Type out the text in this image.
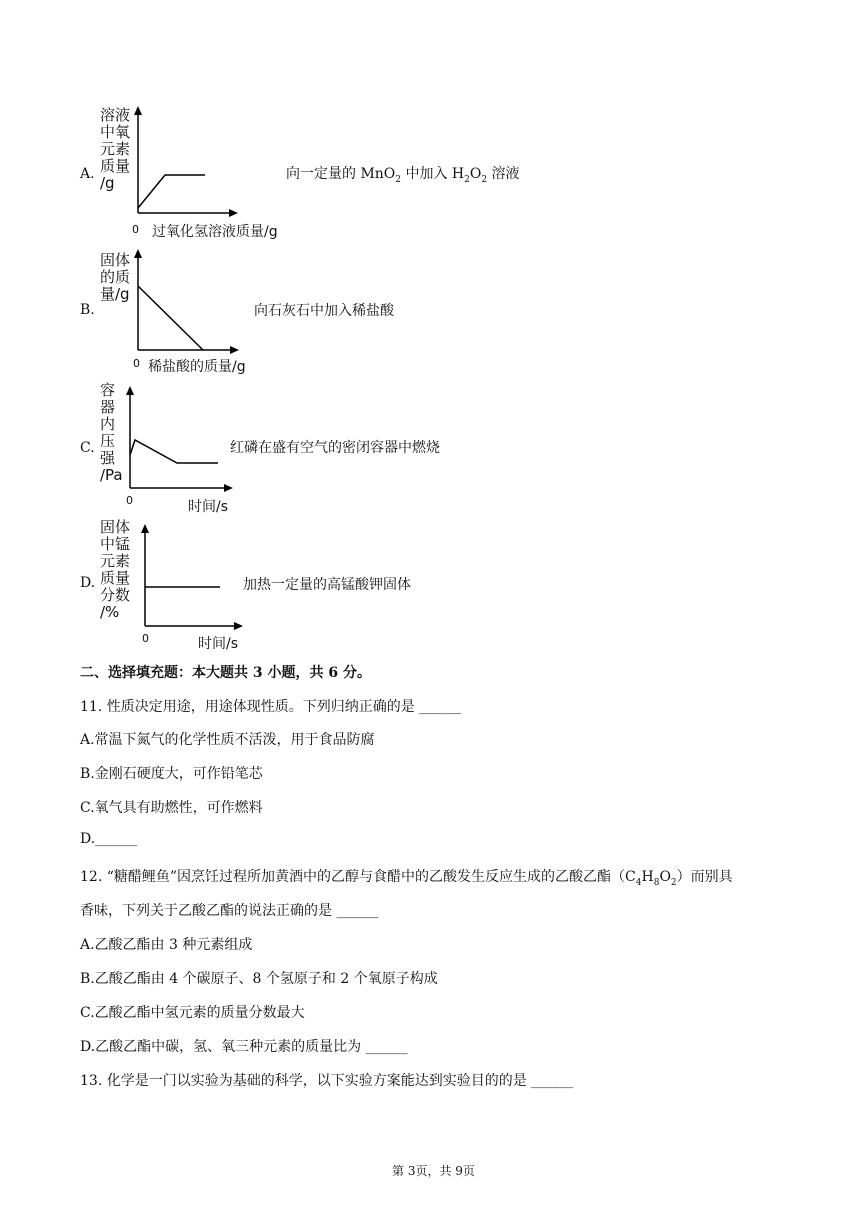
A.
溶液
中氧
元素
质量
/g
0 过氧化氢溶液质量/g
向一定量的 MnO$_2$ 中加入 $H_2O_2$ 溶液
B.
固体
的质
量/g
0 稀盐酸的质量/g
向石灰石中加入稀盐酸
C.
容
器
内
压
强
/Pa
0	时间/s
红磷在盛有空气的密闭容器中燃烧
D.
固体
中锰
元素
质量
分数
/%
0	时间/s
加热一定量的高锰酸钾固体
二、选择填充题：本大题共 3 小题，共 6 分。
11. 性质决定用途，用途体现性质。下列归纳正确的是 ______
A.常温下氮气的化学性质不活泼，用于食品防腐
B.金刚石硬度大，可作铅笔芯
C.氧气具有助燃性，可作燃料
D.______
12. “糖醋鲤鱼”因烹饪过程所加黄酒中的乙醇与食醋中的乙酸发生反应生成的乙酸乙酯$(C_4H_8O_2)$而别具
香味，下列关于乙酸乙酯的说法正确的是 ______
A.乙酸乙酯由 3 种元素组成
B.乙酸乙酯由 4 个碳原子、8 个氢原子和 2 个氧原子构成
C.乙酸乙酯中氢元素的质量分数最大
D.乙酸乙酯中碳，氢、氧三种元素的质量比为 ______
13. 化学是一门以实验为基础的科学，以下实验方案能达到实验目的的是 ______
第 3页，共 9页
